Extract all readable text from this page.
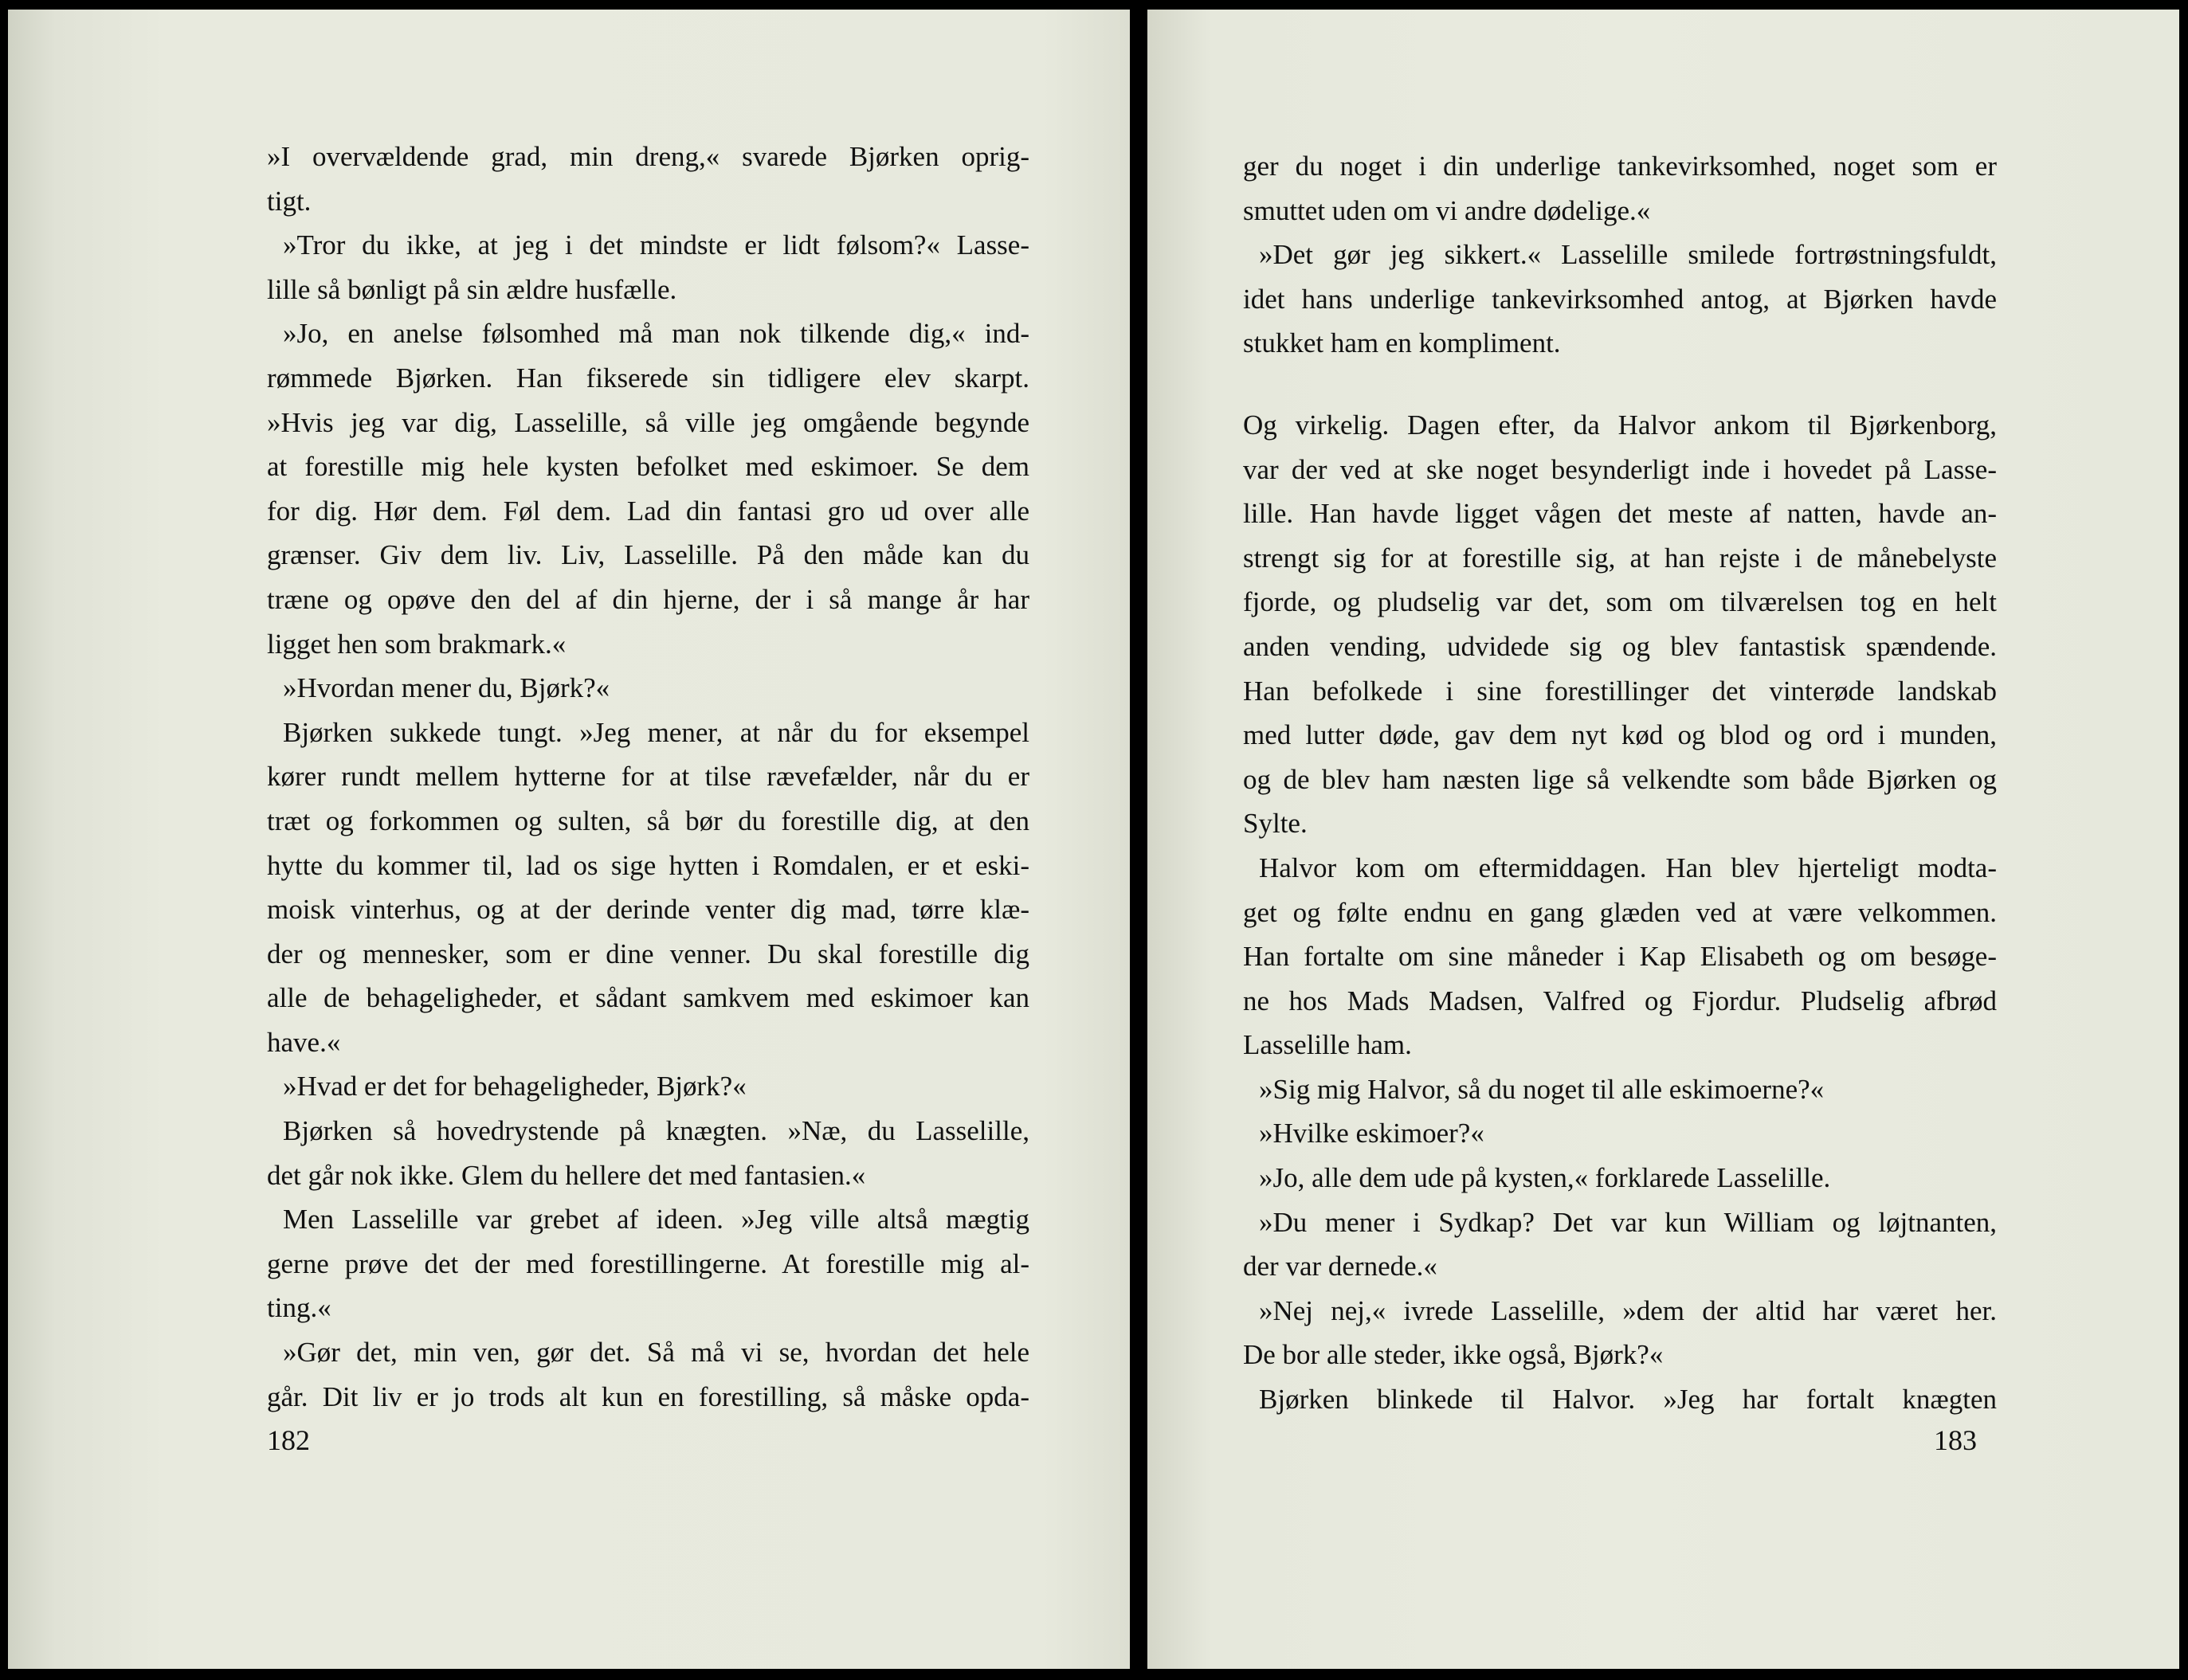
»I overvældende grad, min dreng,« svarede Bjørken oprig-

tigt.

»Tror du ikke, at jeg i det mindste er lidt følsom?« Lasse-

lille så bønligt på sin ældre husfælle.

»Jo, en anelse følsomhed må man nok tilkende dig,« ind-

rømmede Bjørken. Han fikserede sin tidligere elev skarpt.

»Hvis jeg var dig, Lasselille, så ville jeg omgående begynde

at forestille mig hele kysten befolket med eskimoer. Se dem

for dig. Hør dem. Føl dem. Lad din fantasi gro ud over alle

grænser. Giv dem liv. Liv, Lasselille. På den måde kan du

træne og opøve den del af din hjerne, der i så mange år har

ligget hen som brakmark.«

»Hvordan mener du, Bjørk?«

Bjørken sukkede tungt. »Jeg mener, at når du for eksempel

kører rundt mellem hytterne for at tilse rævefælder, når du er

træt og forkommen og sulten, så bør du forestille dig, at den

hytte du kommer til, lad os sige hytten i Romdalen, er et eski-

moisk vinterhus, og at der derinde venter dig mad, tørre klæ-

der og mennesker, som er dine venner. Du skal forestille dig

alle de behageligheder, et sådant samkvem med eskimoer kan

have.«

»Hvad er det for behageligheder, Bjørk?«

Bjørken så hovedrystende på knægten. »Næ, du Lasselille,

det går nok ikke. Glem du hellere det med fantasien.«

Men Lasselille var grebet af ideen. »Jeg ville altså mægtig

gerne prøve det der med forestillingerne. At forestille mig al-

ting.«

»Gør det, min ven, gør det. Så må vi se, hvordan det hele

går. Dit liv er jo trods alt kun en forestilling, så måske opda-

182

ger du noget i din underlige tankevirksomhed, noget som er

smuttet uden om vi andre dødelige.«

»Det gør jeg sikkert.« Lasselille smilede fortrøstningsfuldt,

idet hans underlige tankevirksomhed antog, at Bjørken havde

stukket ham en kompliment.

Og virkelig. Dagen efter, da Halvor ankom til Bjørkenborg,

var der ved at ske noget besynderligt inde i hovedet på Lasse-

lille. Han havde ligget vågen det meste af natten, havde an-

strengt sig for at forestille sig, at han rejste i de månebelyste

fjorde, og pludselig var det, som om tilværelsen tog en helt

anden vending, udvidede sig og blev fantastisk spændende.

Han befolkede i sine forestillinger det vinterøde landskab

med lutter døde, gav dem nyt kød og blod og ord i munden,

og de blev ham næsten lige så velkendte som både Bjørken og

Sylte.

Halvor kom om eftermiddagen. Han blev hjerteligt modta-

get og følte endnu en gang glæden ved at være velkommen.

Han fortalte om sine måneder i Kap Elisabeth og om besøge-

ne hos Mads Madsen, Valfred og Fjordur. Pludselig afbrød

Lasselille ham.

»Sig mig Halvor, så du noget til alle eskimoerne?«

»Hvilke eskimoer?«

»Jo, alle dem ude på kysten,« forklarede Lasselille.

»Du mener i Sydkap? Det var kun William og løjtnanten,

der var dernede.«

»Nej nej,« ivrede Lasselille, »dem der altid har været her.

De bor alle steder, ikke også, Bjørk?«

Bjørken blinkede til Halvor. »Jeg har fortalt knægten

183
